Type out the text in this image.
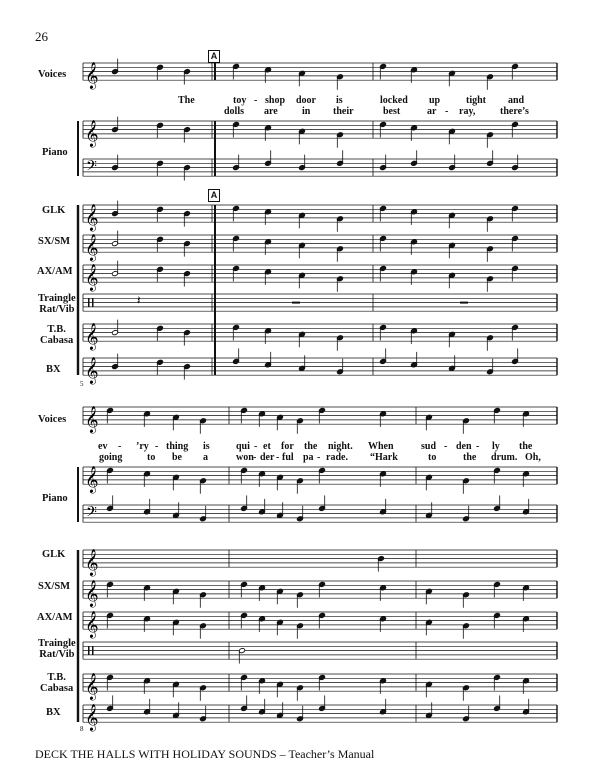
26
Voices
Piano
GLK
SX/SM
AX/AM
Traingle
Rat/Vib
T.B.
Cabasa
BX
Voices
Piano
GLK
SX/SM
AX/AM
Traingle
Rat/Vib
T.B.
Cabasa
BX
5
8
A
A
The	toy - shop door is	locked up	tight and
dolls are in their	best	ar - ray, there’s
ev - ’ry - thing is	qui - et for the night. When	sud - den - ly the
going to be a	won - der - ful pa - rade. “Hark	to	the drum. Oh,
𝄞
𝄞
𝄢
𝄞
𝄞
𝄞
𝄞
𝄞
𝄽
𝄞
𝄞
𝄢
𝄞
𝄞
𝄞
𝄞
𝄞
DECK THE HALLS WITH HOLIDAY SOUNDS – Teacher’s Manual
